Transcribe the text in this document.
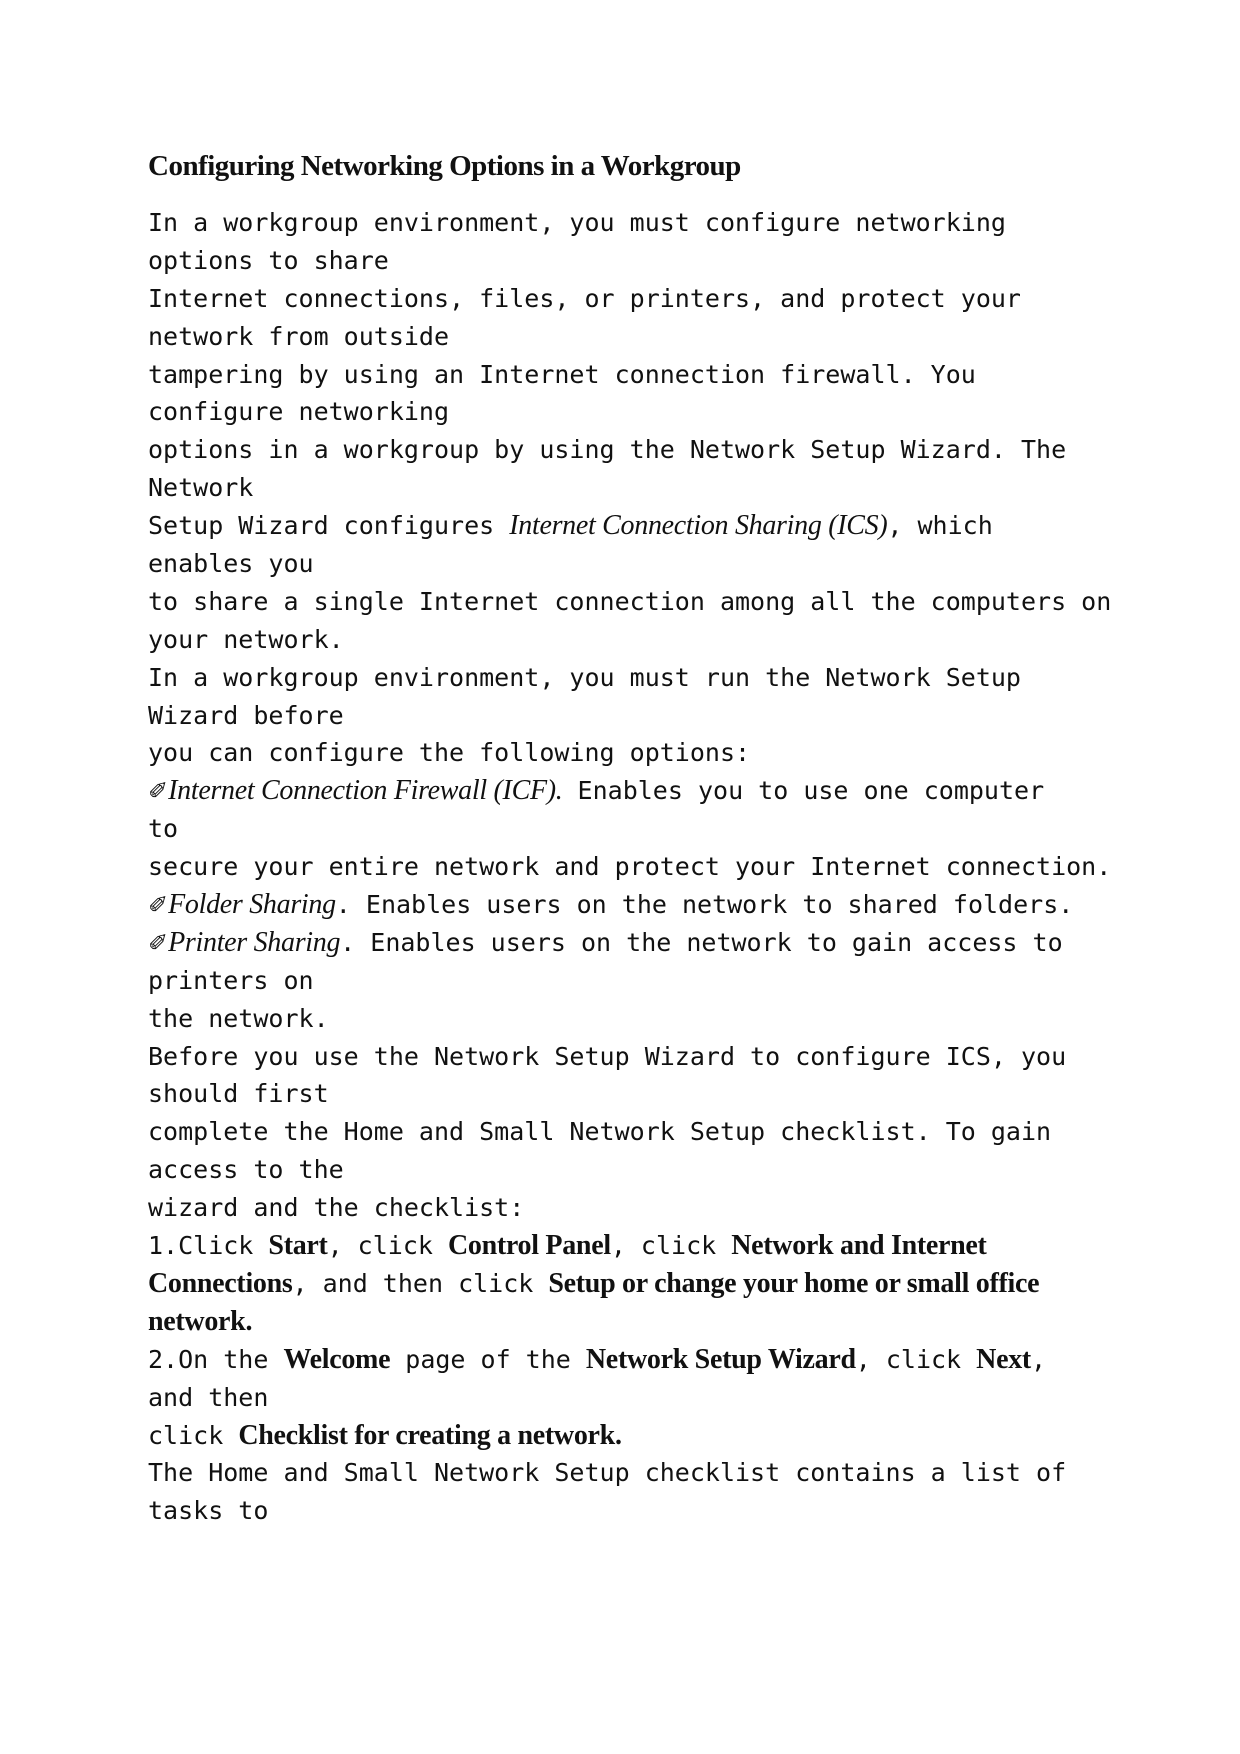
Configuring Networking Options in a Workgroup
In a workgroup environment, you must configure networking
options to share
Internet connections, files, or printers, and protect your
network from outside
tampering by using an Internet connection firewall. You
configure networking
options in a workgroup by using the Network Setup Wizard. The
Network
Setup Wizard configures Internet Connection Sharing (ICS), which
enables you
to share a single Internet connection among all the computers on
your network.
In a workgroup environment, you must run the Network Setup
Wizard before
you can configure the following options:
✐Internet Connection Firewall (ICF). Enables you to use one computer
to
secure your entire network and protect your Internet connection.
✐Folder Sharing. Enables users on the network to shared folders.
✐Printer Sharing. Enables users on the network to gain access to
printers on
the network.
Before you use the Network Setup Wizard to configure ICS, you
should first
complete the Home and Small Network Setup checklist. To gain
access to the
wizard and the checklist:
1.Click Start, click Control Panel, click Network and Internet
Connections, and then click Setup or change your home or small office
network.
2.On the Welcome page of the Network Setup Wizard, click Next,
and then
click Checklist for creating a network.
The Home and Small Network Setup checklist contains a list of
tasks to
